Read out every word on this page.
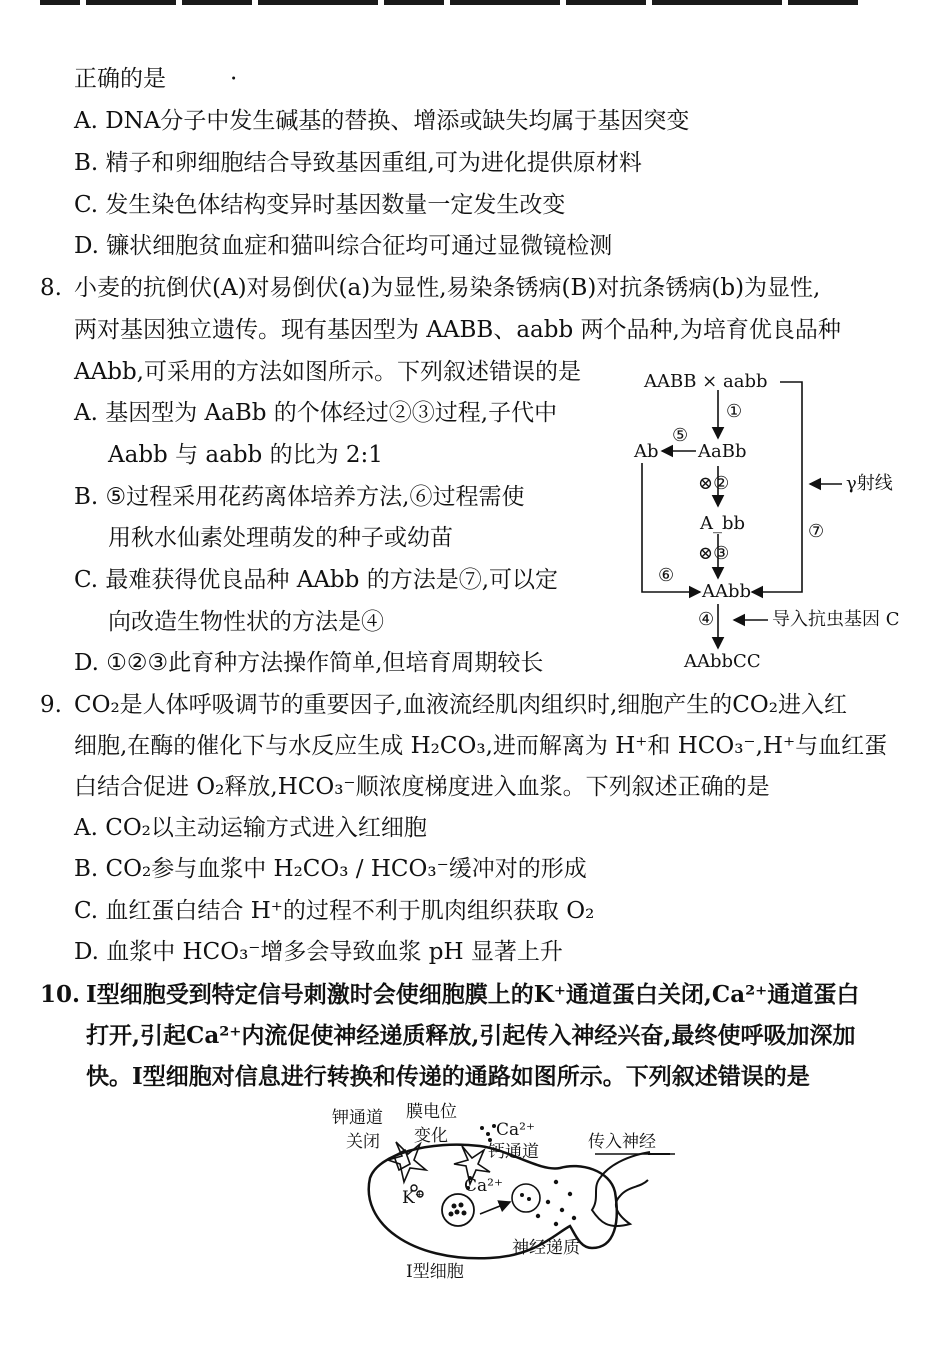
正确的是	·
A. DNA分子中发生碱基的替换、增添或缺失均属于基因突变
B. 精子和卵细胞结合导致基因重组,可为进化提供原材料
C. 发生染色体结构变异时基因数量一定发生改变
D. 镰状细胞贫血症和猫叫综合征均可通过显微镜检测
8. 小麦的抗倒伏(A)对易倒伏(a)为显性,易染条锈病(B)对抗条锈病(b)为显性,
两对基因独立遗传。现有基因型为 AABB、aabb 两个品种,为培育优良品种
AAbb,可采用的方法如图所示。下列叙述错误的是
A. 基因型为 AaBb 的个体经过②③过程,子代中
Aabb 与 aabb 的比为 2:1
B. ⑤过程采用花药离体培养方法,⑥过程需使
用秋水仙素处理萌发的种子或幼苗
C. 最难获得优良品种 AAbb 的方法是⑦,可以定
向改造生物性状的方法是④
D. ①②③此育种方法操作简单,但培育周期较长
AABB × aabb
①
AaBb
⑤
Ab
⊗②
A_bb
⊗③
⑥
AAbb
④
AAbbCC
γ射线
⑦
导入抗虫基因 C
9. CO₂是人体呼吸调节的重要因子,血液流经肌肉组织时,细胞产生的CO₂进入红
细胞,在酶的催化下与水反应生成 H₂CO₃,进而解离为 H⁺和 HCO₃⁻,H⁺与血红蛋
白结合促进 O₂释放,HCO₃⁻顺浓度梯度进入血浆。下列叙述正确的是
A. CO₂以主动运输方式进入红细胞
B. CO₂参与血浆中 H₂CO₃ / HCO₃⁻缓冲对的形成
C. 血红蛋白结合 H⁺的过程不利于肌肉组织获取 O₂
D. 血浆中 HCO₃⁻增多会导致血浆 pH 显著上升
10. Ⅰ型细胞受到特定信号刺激时会使细胞膜上的K⁺通道蛋白关闭,Ca²⁺通道蛋白
打开,引起Ca²⁺内流促使神经递质释放,引起传入神经兴奋,最终使呼吸加深加
快。Ⅰ型细胞对信息进行转换和传递的通路如图所示。下列叙述错误的是
钾通道
关闭
膜电位
变化	Ca²⁺
钙通道
K⁺
Ca²⁺
传入神经
神经递质
Ⅰ型细胞
